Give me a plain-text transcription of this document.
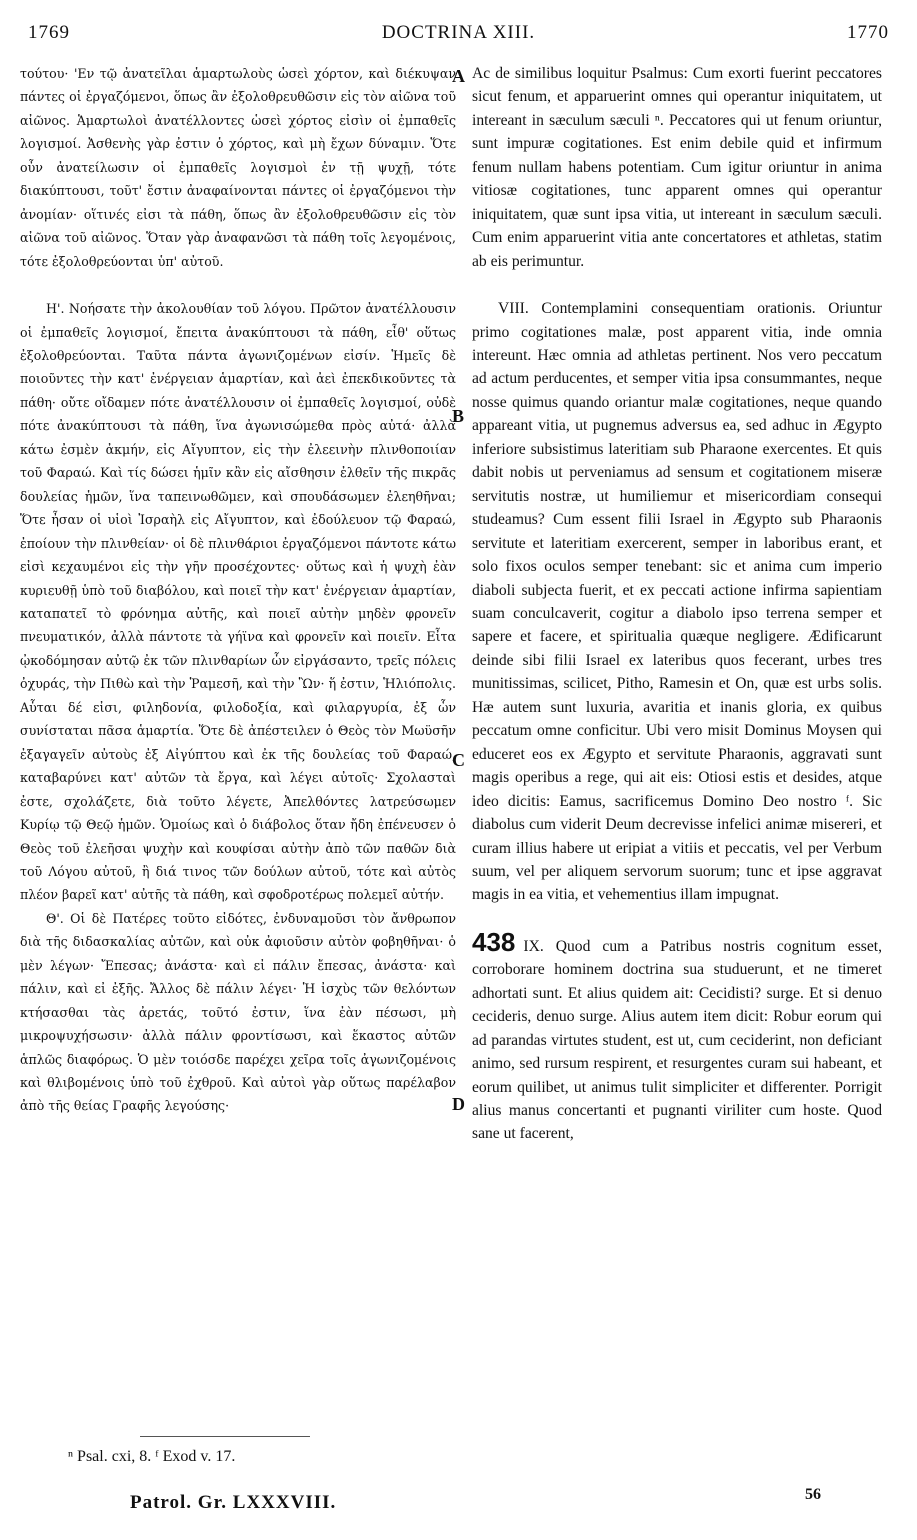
1769	DOCTRINA XIII.	1770

τούτου· 'Εν τῷ ἀνατεῖλαι ἁμαρτωλοὺς ὡσεὶ χόρτον, καὶ διέκυψαν πάντες οἱ ἐργαζόμενοι, ὅπως ἂν ἐξολοθρευθῶσιν εἰς τὸν αἰῶνα τοῦ αἰῶνος. Ἁμαρτωλοὶ ἀνατέλλοντες ὡσεὶ χόρτος εἰσὶν οἱ ἐμπαθεῖς λογισμοί. Ἀσθενὴς γὰρ ἐστιν ὁ χόρτος, καὶ μὴ ἔχων δύναμιν. Ὅτε οὖν ἀνατείλωσιν οἱ ἐμπαθεῖς λογισμοὶ ἐν τῇ ψυχῇ, τότε διακύπτουσι, τοῦτ' ἔστιν ἀναφαίνονται πάντες οἱ ἐργαζόμενοι τὴν ἀνομίαν· οἵτινές εἰσι τὰ πάθη, ὅπως ἂν ἐξολοθρευθῶσιν εἰς τὸν αἰῶνα τοῦ αἰῶνος. Ὅταν γὰρ ἀναφανῶσι τὰ πάθη τοῖς λεγομένοις, τότε ἐξολοθρεύονται ὑπ' αὐτοῦ.

Η'. Νοήσατε τὴν ἀκολουθίαν τοῦ λόγου. Πρῶτον ἀνατέλλουσιν οἱ ἐμπαθεῖς λογισμοί, ἔπειτα ἀνακύπτουσι τὰ πάθη, εἶθ' οὕτως ἐξολοθρεύονται. Ταῦτα πάντα ἀγωνιζομένων εἰσίν. Ἡμεῖς δὲ ποιοῦντες τὴν κατ' ἐνέργειαν ἁμαρτίαν, καὶ ἀεὶ ἐπεκδικοῦντες τὰ πάθη· οὔτε οἴδαμεν πότε ἀνατέλλουσιν οἱ ἐμπαθεῖς λογισμοί, οὐδὲ πότε ἀνακύπτουσι τὰ πάθη, ἵνα ἀγωνισώμεθα πρὸς αὐτά· ἀλλὰ κάτω ἐσμὲν ἀκμήν, εἰς Αἴγυπτον, εἰς τὴν ἐλεεινὴν πλινθοποιίαν τοῦ Φαραώ. Καὶ τίς δώσει ἡμῖν κἂν εἰς αἴσθησιν ἐλθεῖν τῆς πικρᾶς δουλείας ἡμῶν, ἵνα ταπεινωθῶμεν, καὶ σπουδάσωμεν ἐλεηθῆναι; Ὅτε ἦσαν οἱ υἱοὶ Ἰσραὴλ εἰς Αἴγυπτον, καὶ ἐδούλευον τῷ Φαραώ, ἐποίουν τὴν πλινθείαν· οἱ δὲ πλινθάριοι ἐργαζόμενοι πάντοτε κάτω εἰσὶ κεχαυμένοι εἰς τὴν γῆν προσέχοντες· οὕτως καὶ ἡ ψυχὴ ἐὰν κυριευθῇ ὑπὸ τοῦ διαβόλου, καὶ ποιεῖ τὴν κατ' ἐνέργειαν ἁμαρτίαν, καταπατεῖ τὸ φρόνημα αὐτῆς, καὶ ποιεῖ αὐτὴν μηδὲν φρονεῖν πνευματικόν, ἀλλὰ πάντοτε τὰ γήϊνα καὶ φρονεῖν καὶ ποιεῖν. Εἶτα ᾠκοδόμησαν αὐτῷ ἐκ τῶν πλινθαρίων ὧν εἰργάσαντο, τρεῖς πόλεις ὀχυράς, τὴν Πιθὼ καὶ τὴν Ῥαμεσῆ, καὶ τὴν Ὢν· ἥ ἐστιν, Ἡλιόπολις. Αὗται δέ εἰσι, φιληδονία, φιλοδοξία, καὶ φιλαργυρία, ἐξ ὧν συνίσταται πᾶσα ἁμαρτία. Ὅτε δὲ ἀπέστειλεν ὁ Θεὸς τὸν Μωϋσῆν ἐξαγαγεῖν αὐτοὺς ἐξ Αἰγύπτου καὶ ἐκ τῆς δουλείας τοῦ Φαραώ, καταβαρύνει κατ' αὐτῶν τὰ ἔργα, καὶ λέγει αὐτοῖς· Σχολασταὶ ἐστε, σχολάζετε, διὰ τοῦτο λέγετε, Ἀπελθόντες λατρεύσωμεν Κυρίῳ τῷ Θεῷ ἡμῶν. Ὁμοίως καὶ ὁ διάβολος ὅταν ἤδη ἐπένευσεν ὁ Θεὸς τοῦ ἐλεῆσαι ψυχὴν καὶ κουφίσαι αὐτὴν ἀπὸ τῶν παθῶν διὰ τοῦ Λόγου αὐτοῦ, ἢ διά τινος τῶν δούλων αὐτοῦ, τότε καὶ αὐτὸς πλέον βαρεῖ κατ' αὐτῆς τὰ πάθη, καὶ σφοδροτέρως πολεμεῖ αὐτήν.

Θ'. Οἱ δὲ Πατέρες τοῦτο εἰδότες, ἐνδυναμοῦσι τὸν ἄνθρωπον διὰ τῆς διδασκαλίας αὐτῶν, καὶ οὐκ ἀφιοῦσιν αὐτὸν φοβηθῆναι· ὁ μὲν λέγων· Ἔπεσας; ἀνάστα· καὶ εἰ πάλιν ἔπεσας, ἀνάστα· καὶ πάλιν, καὶ εἰ ἐξῆς. Ἄλλος δὲ πάλιν λέγει· Ἡ ἰσχὺς τῶν θελόντων κτήσασθαι τὰς ἀρετάς, τοῦτό ἐστιν, ἵνα ἐὰν πέσωσι, μὴ μικροψυχήσωσιν· ἀλλὰ πάλιν φροντίσωσι, καὶ ἕκαστος αὐτῶν ἁπλῶς διαφόρως. Ὁ μὲν τοιόσδε παρέχει χεῖρα τοῖς ἀγωνιζομένοις καὶ θλιβομένοις ὑπὸ τοῦ ἐχθροῦ. Καὶ αὐτοὶ γὰρ οὕτως παρέλαβον ἀπὸ τῆς θείας Γραφῆς λεγούσης·

A
B
C
D

Ac de similibus loquitur Psalmus: Cum exorti fuerint peccatores sicut fenum, et apparuerint omnes qui operantur iniquitatem, ut intereant in sæculum sæculi ⁿ. Peccatores qui ut fenum oriuntur, sunt impuræ cogitationes. Est enim debile quid et infirmum fenum nullam habens potentiam. Cum igitur oriuntur in anima vitiosæ cogitationes, tunc apparent omnes qui operantur iniquitatem, quæ sunt ipsa vitia, ut intereant in sæculum sæculi. Cum enim apparuerint vitia ante concertatores et athletas, statim ab eis perimuntur.

VIII. Contemplamini consequentiam orationis. Oriuntur primo cogitationes malæ, post apparent vitia, inde omnia intereunt. Hæc omnia ad athletas pertinent. Nos vero peccatum ad actum perducentes, et semper vitia ipsa consummantes, neque nosse quimus quando oriantur malæ cogitationes, neque quando appareant vitia, ut pugnemus adversus ea, sed adhuc in Ægypto inferiore subsistimus lateritiam sub Pharaone exercentes. Et quis dabit nobis ut perveniamus ad sensum et cogitationem miseræ servitutis nostræ, ut humiliemur et misericordiam consequi studeamus? Cum essent filii Israel in Ægypto sub Pharaonis servitute et lateritiam exercerent, semper in laboribus erant, et solo fixos oculos semper tenebant: sic et anima cum imperio diaboli subjecta fuerit, et ex peccati actione infirma sapientiam suam conculcaverit, cogitur a diabolo ipso terrena semper et sapere et facere, et spiritualia quæque negligere. Ædificarunt deinde sibi filii Israel ex lateribus quos fecerant, urbes tres munitissimas, scilicet, Pitho, Ramesin et On, quæ est urbs solis. Hæ autem sunt luxuria, avaritia et inanis gloria, ex quibus peccatum omne conficitur. Ubi vero misit Dominus Moysen qui educeret eos ex Ægypto et servitute Pharaonis, aggravati sunt magis operibus a rege, qui ait eis: Otiosi estis et desides, atque ideo dicitis: Eamus, sacrificemus Domino Deo nostro ᶠ. Sic diabolus cum viderit Deum decrevisse infelici animæ misereri, et curam illius habere ut eripiat a vitiis et peccatis, vel per Verbum suum, vel per aliquem servorum suorum; tunc et ipse aggravat magis in ea vitia, et vehementius illam impugnat.

438 IX. Quod cum a Patribus nostris cognitum esset, corroborare hominem doctrina sua studuerunt, et ne timeret adhortati sunt. Et alius quidem ait: Cecidisti? surge. Et si denuo cecideris, denuo surge. Alius autem item dicit: Robur eorum qui ad parandas virtutes student, est ut, cum ceciderint, non deficiant animo, sed rursum respirent, et resurgentes curam sui habeant, et eorum quilibet, ut animus tulit simpliciter et differenter. Porrigit alius manus concertanti et pugnanti viriliter cum hoste. Quod sane ut facerent,

ⁿ Psal. cxi, 8. ᶠ Exod v. 17.
Patrol. Gr. LXXXVIII.	56
